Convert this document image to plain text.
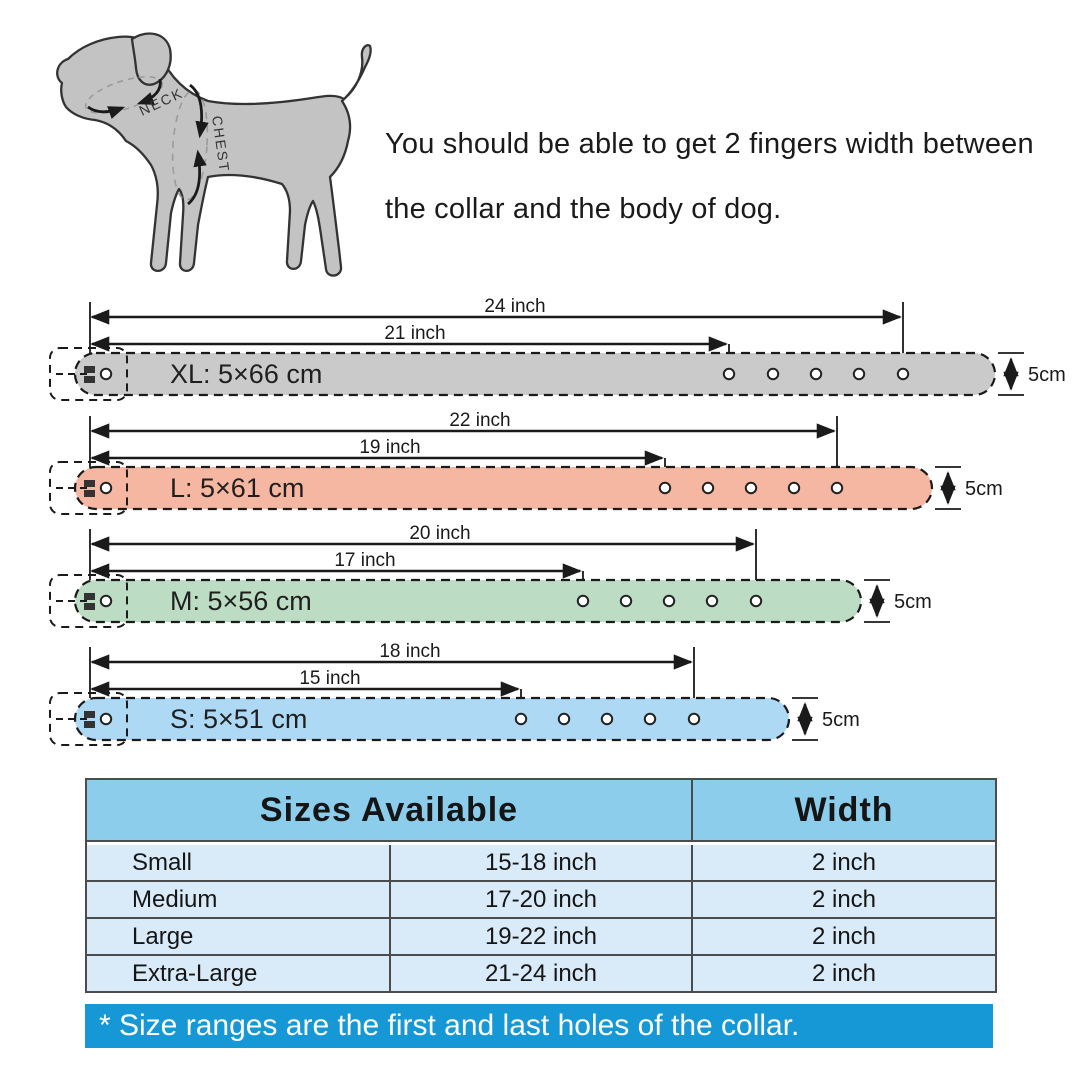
NECK
CHEST	You should be able to get 2 fingers width between
the collar and the body of dog.
24 inch
21 inch
XL: 5×66 cm	5cm
22 inch
19 inch
L: 5×61 cm	5cm
20 inch
17 inch
M: 5×56 cm	5cm
18 inch
15 inch
S: 5×51 cm	5cm
Sizes Available	Width
Small	15-18 inch	2 inch
Medium	17-20 inch	2 inch
Large	19-22 inch	2 inch
Extra-Large	21-24 inch	2 inch
* Size ranges are the first and last holes of the collar.
